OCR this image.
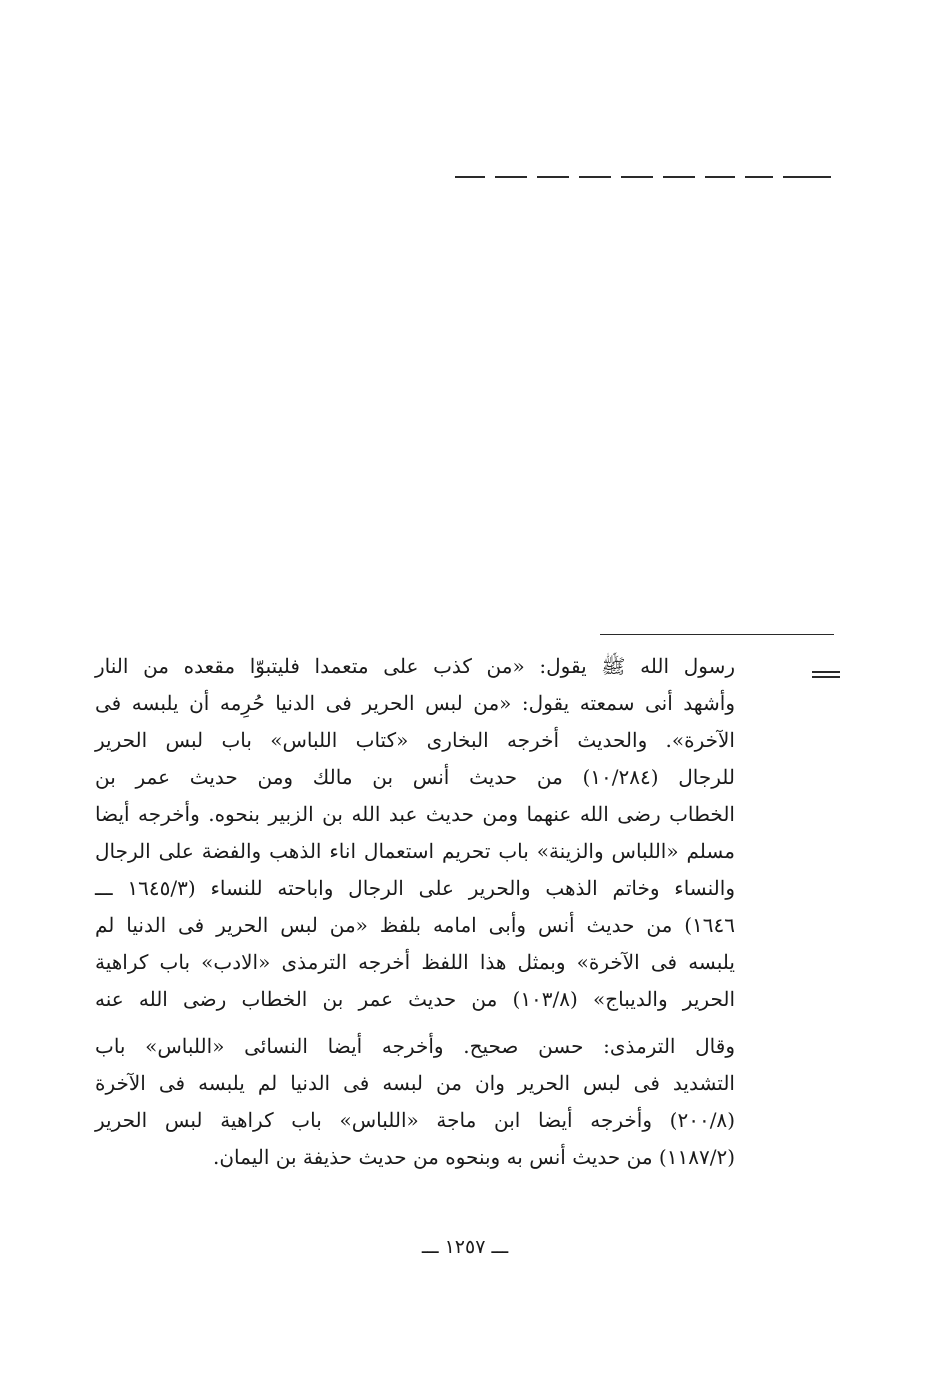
رسول الله ﷺ يقول: «من كذب على متعمدا فليتبوّا مقعده من النار
وأشهد أنى سمعته يقول: «من لبس الحرير فى الدنيا حُرِمه أن يلبسه فى
الآخرة». والحديث أخرجه البخارى «كتاب اللباس» باب لبس الحرير
للرجال (١٠/٢٨٤) من حديث أنس بن مالك ومن حديث عمر بن
الخطاب رضى الله عنهما ومن حديث عبد الله بن الزبير بنحوه. وأخرجه أيضا
مسلم «اللباس والزينة» باب تحريم استعمال اناء الذهب والفضة على الرجال
والنساء وخاتم الذهب والحرير على الرجال واباحته للنساء (١٦٤٥/٣ ـــ
١٦٤٦) من حديث أنس وأبى امامه بلفظ «من لبس الحرير فى الدنيا لم
يلبسه فى الآخرة» وبمثل هذا اللفظ أخرجه الترمذى «الادب» باب كراهية
الحرير والديباج» (١٠٣/٨) من حديث عمر بن الخطاب رضى الله عنه
وقال الترمذى: حسن صحيح. وأخرجه أيضا النسائى «اللباس» باب
التشديد فى لبس الحرير وان من لبسه فى الدنيا لم يلبسه فى الآخرة
(٢٠٠/٨) وأخرجه أيضا ابن ماجة «اللباس» باب كراهية لبس الحرير
(١١٨٧/٢) من حديث أنس به وبنحوه من حديث حذيفة بن اليمان.
ـــ ١٢٥٧ ـــ
